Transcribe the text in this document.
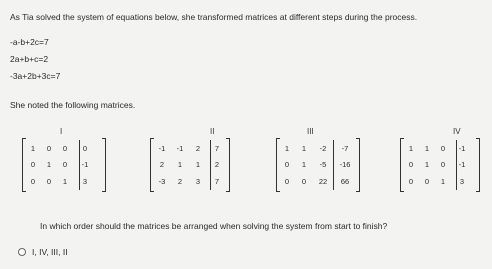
As Tia solved the system of equations below, she transformed matrices at different steps during the process.
-a-b+2c=7
2a+b+c=2
-3a+2b+3c=7
She noted the following matrices.
I
1 0 0 0
0 1 0 -1
0 0 1 3
II
-1 -1 2 7
2 1 1 2
-3 2 3 7
III
1 1 -2 -7
0 1 -5 -16
0 0 22 66
IV
1 1 0 -1
0 1 0 -1
0 0 1 3
In which order should the matrices be arranged when solving the system from start to finish?
I, IV, III, II
